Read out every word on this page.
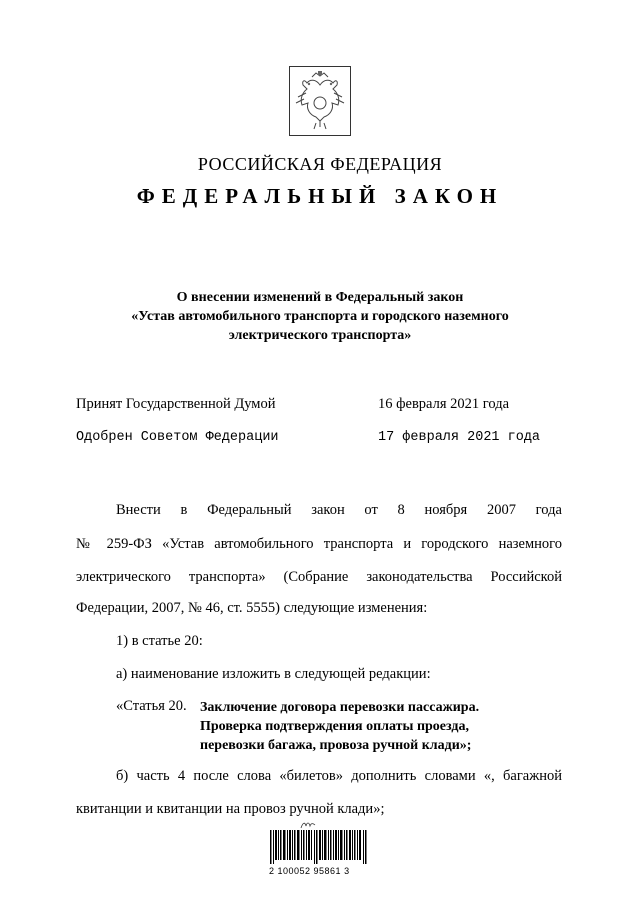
РОССИЙСКАЯ ФЕДЕРАЦИЯ
ФЕДЕРАЛЬНЫЙ ЗАКОН
О внесении изменений в Федеральный закон
«Устав автомобильного транспорта и городского наземного
электрического транспорта»
Принят Государственной Думой	16 февраля 2021 года
Одобрен Советом Федерации	17 февраля 2021 года
Внести в Федеральный закон от 8 ноября 2007 года
№ 259-ФЗ «Устав автомобильного транспорта и городского наземного
электрического транспорта» (Собрание законодательства Российской
Федерации, 2007, № 46, ст. 5555) следующие изменения:
1) в статье 20:
а) наименование изложить в следующей редакции:
«Статья 20. Заключение договора перевозки пассажира.
Проверка подтверждения оплаты проезда,
перевозки багажа, провоза ручной клади»;
б) часть 4 после слова «билетов» дополнить словами «, багажной
квитанции и квитанции на провоз ручной клади»;
2 100052 95861 3
